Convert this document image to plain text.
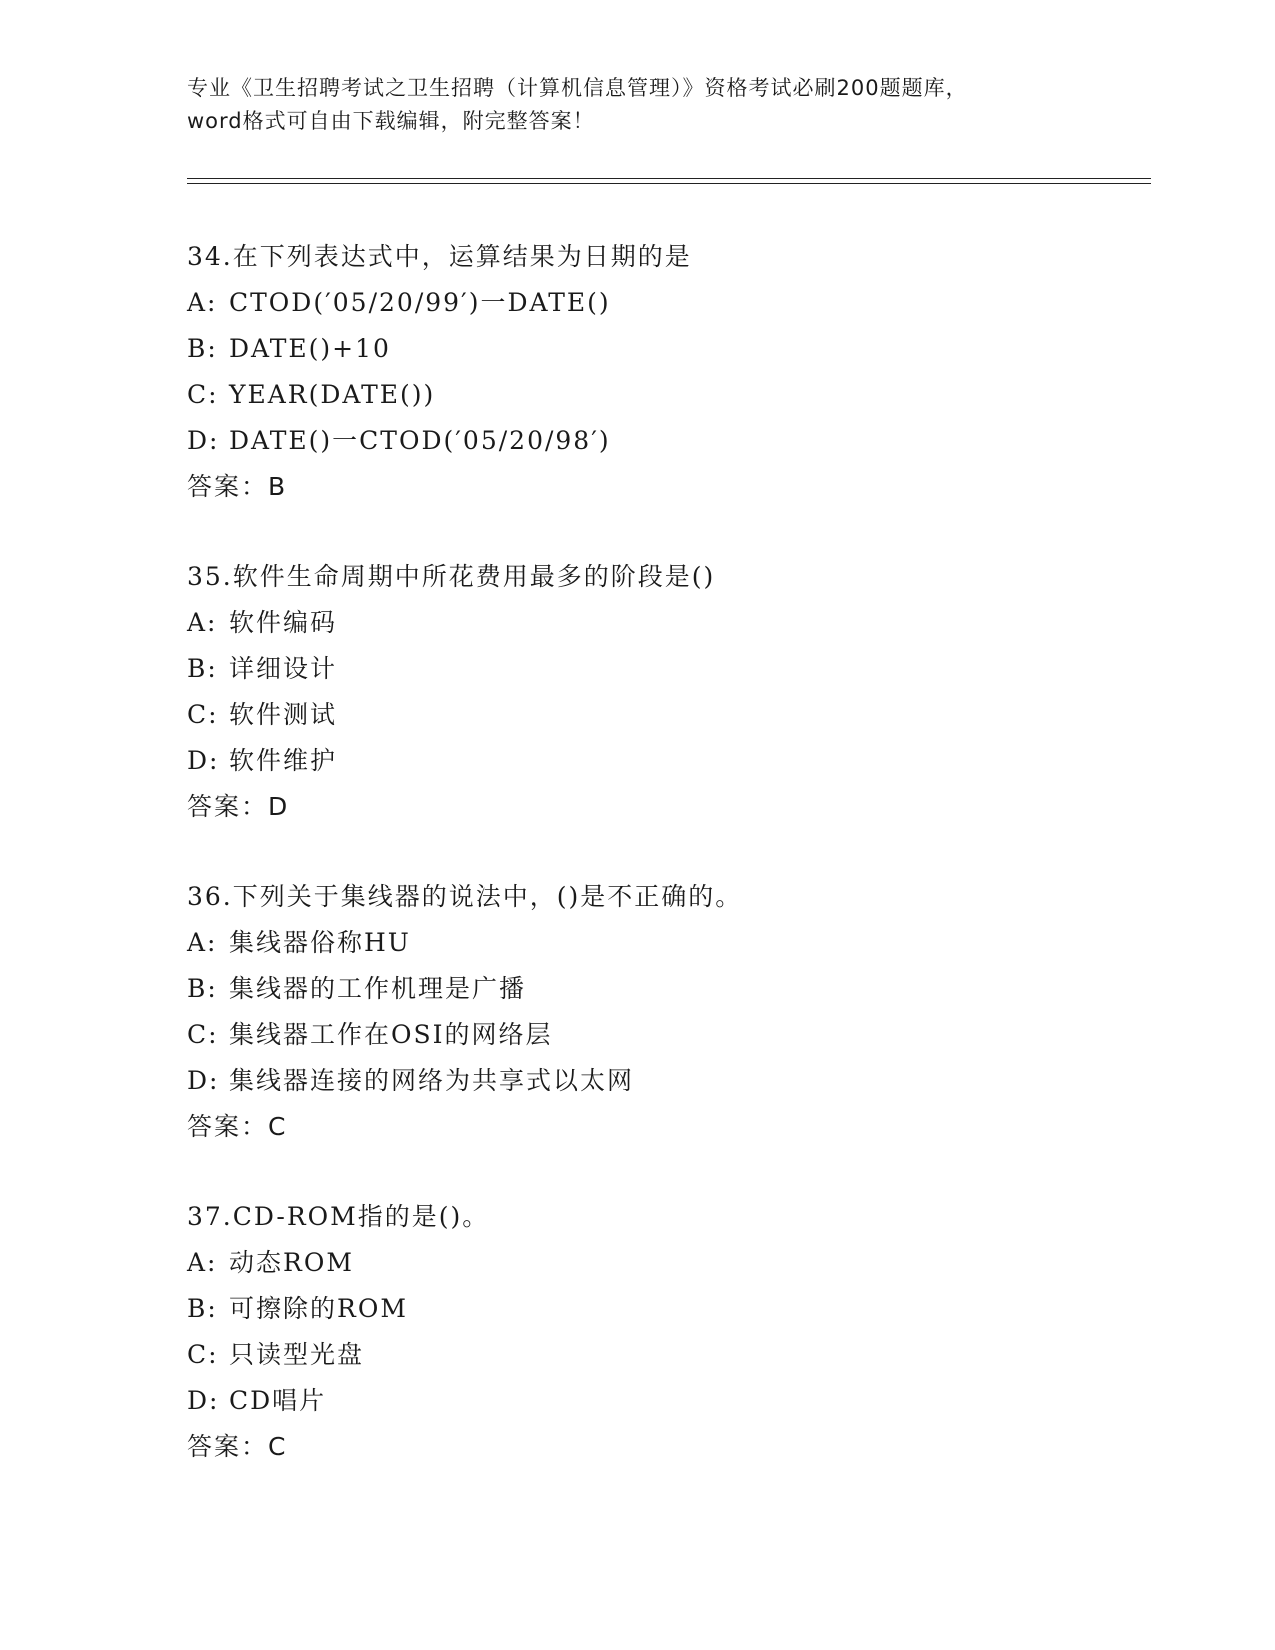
专业《卫生招聘考试之卫生招聘（计算机信息管理）》资格考试必刷200题题库，
word格式可自由下载编辑，附完整答案！
34.在下列表达式中，运算结果为日期的是
A: CTOD(′05/20/99′)一DATE()
B: DATE()+10
C: YEAR(DATE())
D: DATE()一CTOD(′05/20/98′)
答案：B
35.软件生命周期中所花费用最多的阶段是()
A: 软件编码
B: 详细设计
C: 软件测试
D: 软件维护
答案：D
36.下列关于集线器的说法中，()是不正确的。
A: 集线器俗称HU
B: 集线器的工作机理是广播
C: 集线器工作在OSI的网络层
D: 集线器连接的网络为共享式以太网
答案：C
37.CD-ROM指的是()。
A: 动态ROM
B: 可擦除的ROM
C: 只读型光盘
D: CD唱片
答案：C
